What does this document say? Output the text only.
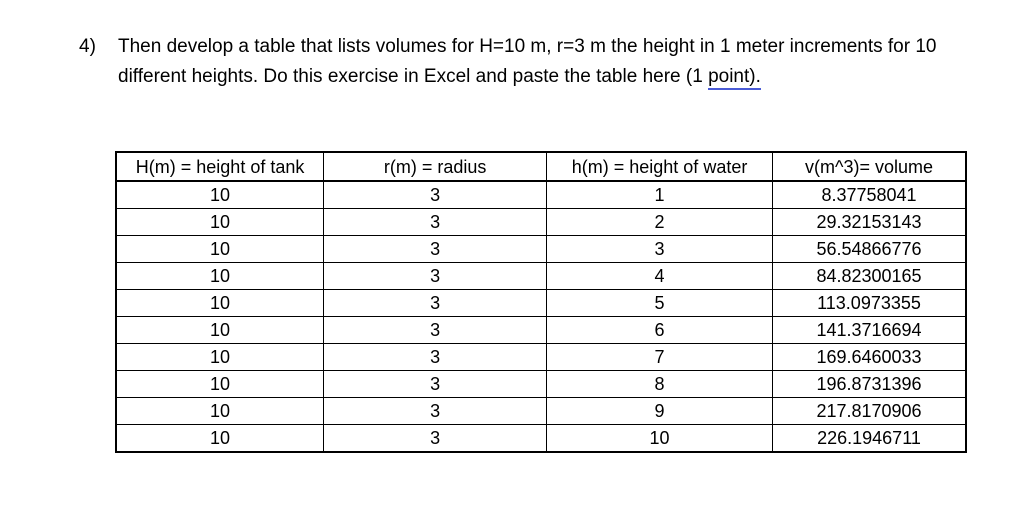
4) Then develop a table that lists volumes for H=10 m, r=3 m the height in 1 meter increments for 10 different heights. Do this exercise in Excel and paste the table here (1 point).
H(m) = height of tank	r(m) = radius	h(m) = height of water	v(m^3)= volume
10	3	1	8.37758041
10	3	2	29.32153143
10	3	3	56.54866776
10	3	4	84.82300165
10	3	5	113.0973355
10	3	6	141.3716694
10	3	7	169.6460033
10	3	8	196.8731396
10	3	9	217.8170906
10	3	10	226.1946711
